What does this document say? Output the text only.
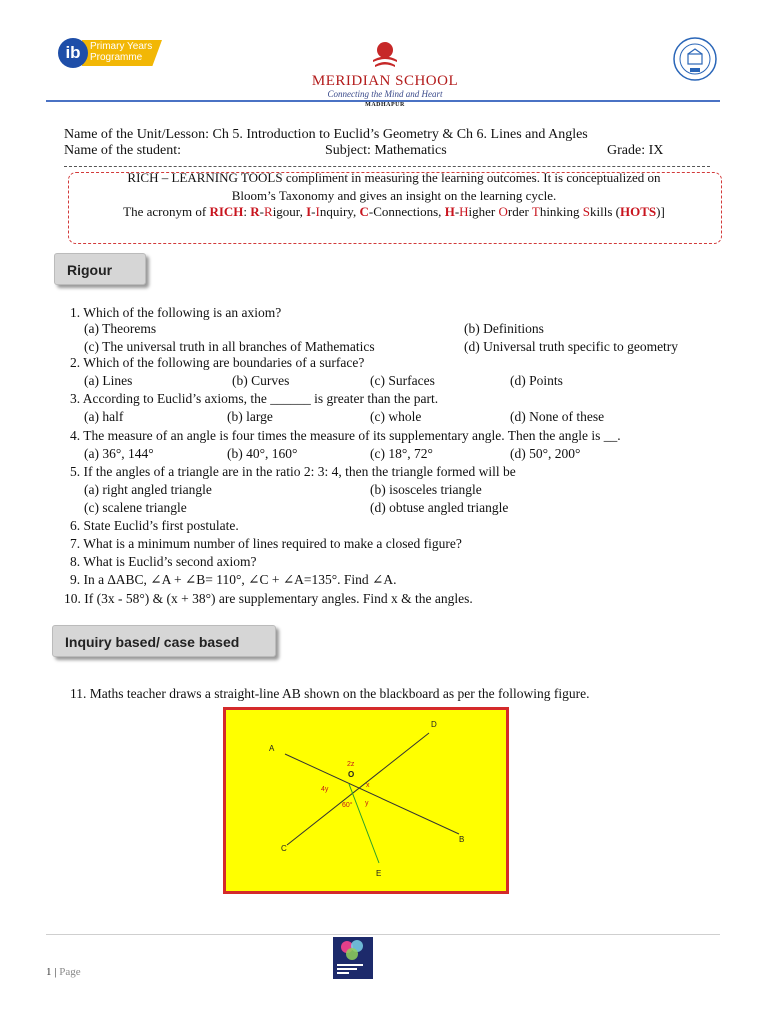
ib Primary Years
Programme
MERIDIAN SCHOOL
Connecting the Mind and Heart
MADHAPUR
Name of the Unit/Lesson: Ch 5. Introduction to Euclid’s Geometry & Ch 6. Lines and Angles
Name of the student:	Subject: Mathematics	Grade: IX
RICH – LEARNING TOOLS compliment in measuring the learning outcomes. It is conceptualized on
Bloom’s Taxonomy and gives an insight on the learning cycle.
The acronym of RICH: R-Rigour, I-Inquiry, C-Connections, H-Higher Order Thinking Skills (HOTS)]
Rigour
1. Which of the following is an axiom?
(a) Theorems	(b) Definitions
(c) The universal truth in all branches of Mathematics	(d) Universal truth specific to geometry
2. Which of the following are boundaries of a surface?
(a) Lines	(b) Curves	(c) Surfaces	(d) Points
3. According to Euclid’s axioms, the ______ is greater than the part.
(a) half	(b) large	(c) whole	(d) None of these
4. The measure of an angle is four times the measure of its supplementary angle. Then the angle is __.
(a) 36°, 144°	(b) 40°, 160°	(c) 18°, 72°	(d) 50°, 200°
5. If the angles of a triangle are in the ratio 2: 3: 4, then the triangle formed will be
(a) right angled triangle	(b) isosceles triangle
(c) scalene triangle	(d) obtuse angled triangle
6. State Euclid’s first postulate.
7. What is a minimum number of lines required to make a closed figure?
8. What is Euclid’s second axiom?
9. In a ∆ABC, ∠A + ∠B= 110°, ∠C + ∠A=135°. Find ∠A.
10. If (3x - 58°) & (x + 38°) are supplementary angles. Find x & the angles.
Inquiry based/ case based
11. Maths teacher draws a straight-line AB shown on the blackboard as per the following figure.
A
B
C
D
E
O
2z
x
y
4y
60°
1 | Page
